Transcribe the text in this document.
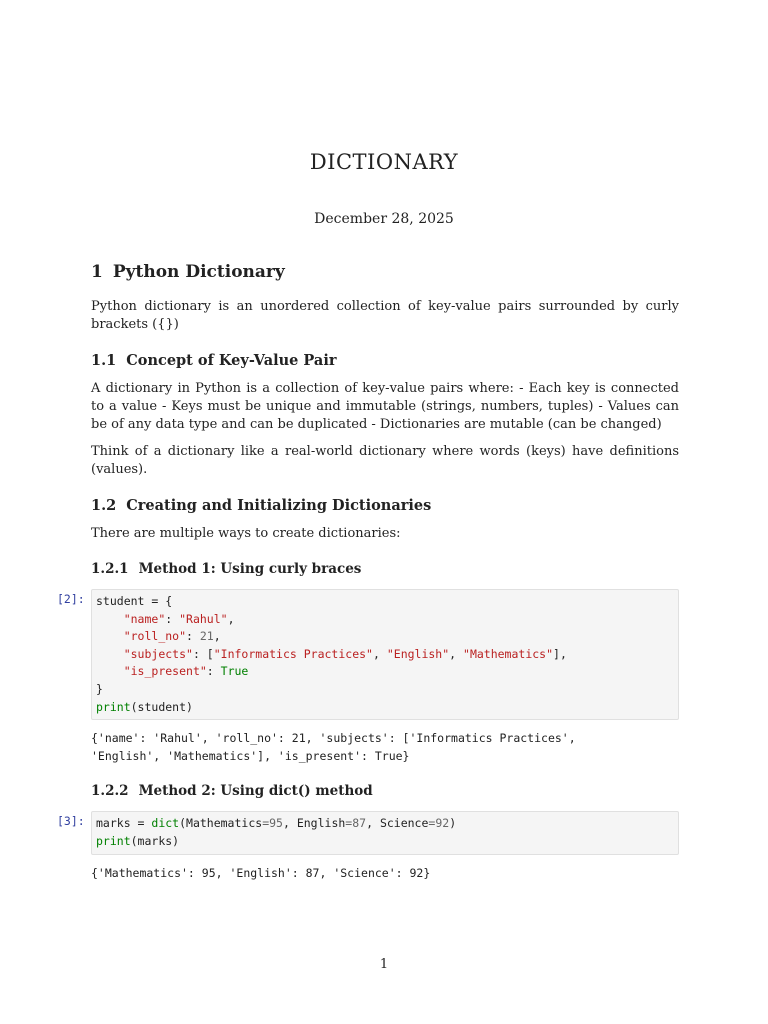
DICTIONARY
December 28, 2025
1 Python Dictionary

Python dictionary is an unordered collection of key-value pairs surrounded by curly brackets ({})

1.1 Concept of Key-Value Pair

A dictionary in Python is a collection of key-value pairs where: - Each key is connected to a value - Keys must be unique and immutable (strings, numbers, tuples) - Values can be of any data type and can be duplicated - Dictionaries are mutable (can be changed)

Think of a dictionary like a real-world dictionary where words (keys) have definitions (values).

1.2 Creating and Initializing Dictionaries

There are multiple ways to create dictionaries:

1.2.1 Method 1: Using curly braces
[2]: student = {
"name": "Rahul",
"roll_no": 21,
"subjects": ["Informatics Practices", "English", "Mathematics"],
"is_present": True
}
print(student)
{'name': 'Rahul', 'roll_no': 21, 'subjects': ['Informatics Practices',
'English', 'Mathematics'], 'is_present': True}
1.2.2 Method 2: Using dict() method
[3]: marks = dict(Mathematics=95, English=87, Science=92)
print(marks)
{'Mathematics': 95, 'English': 87, 'Science': 92}
1
